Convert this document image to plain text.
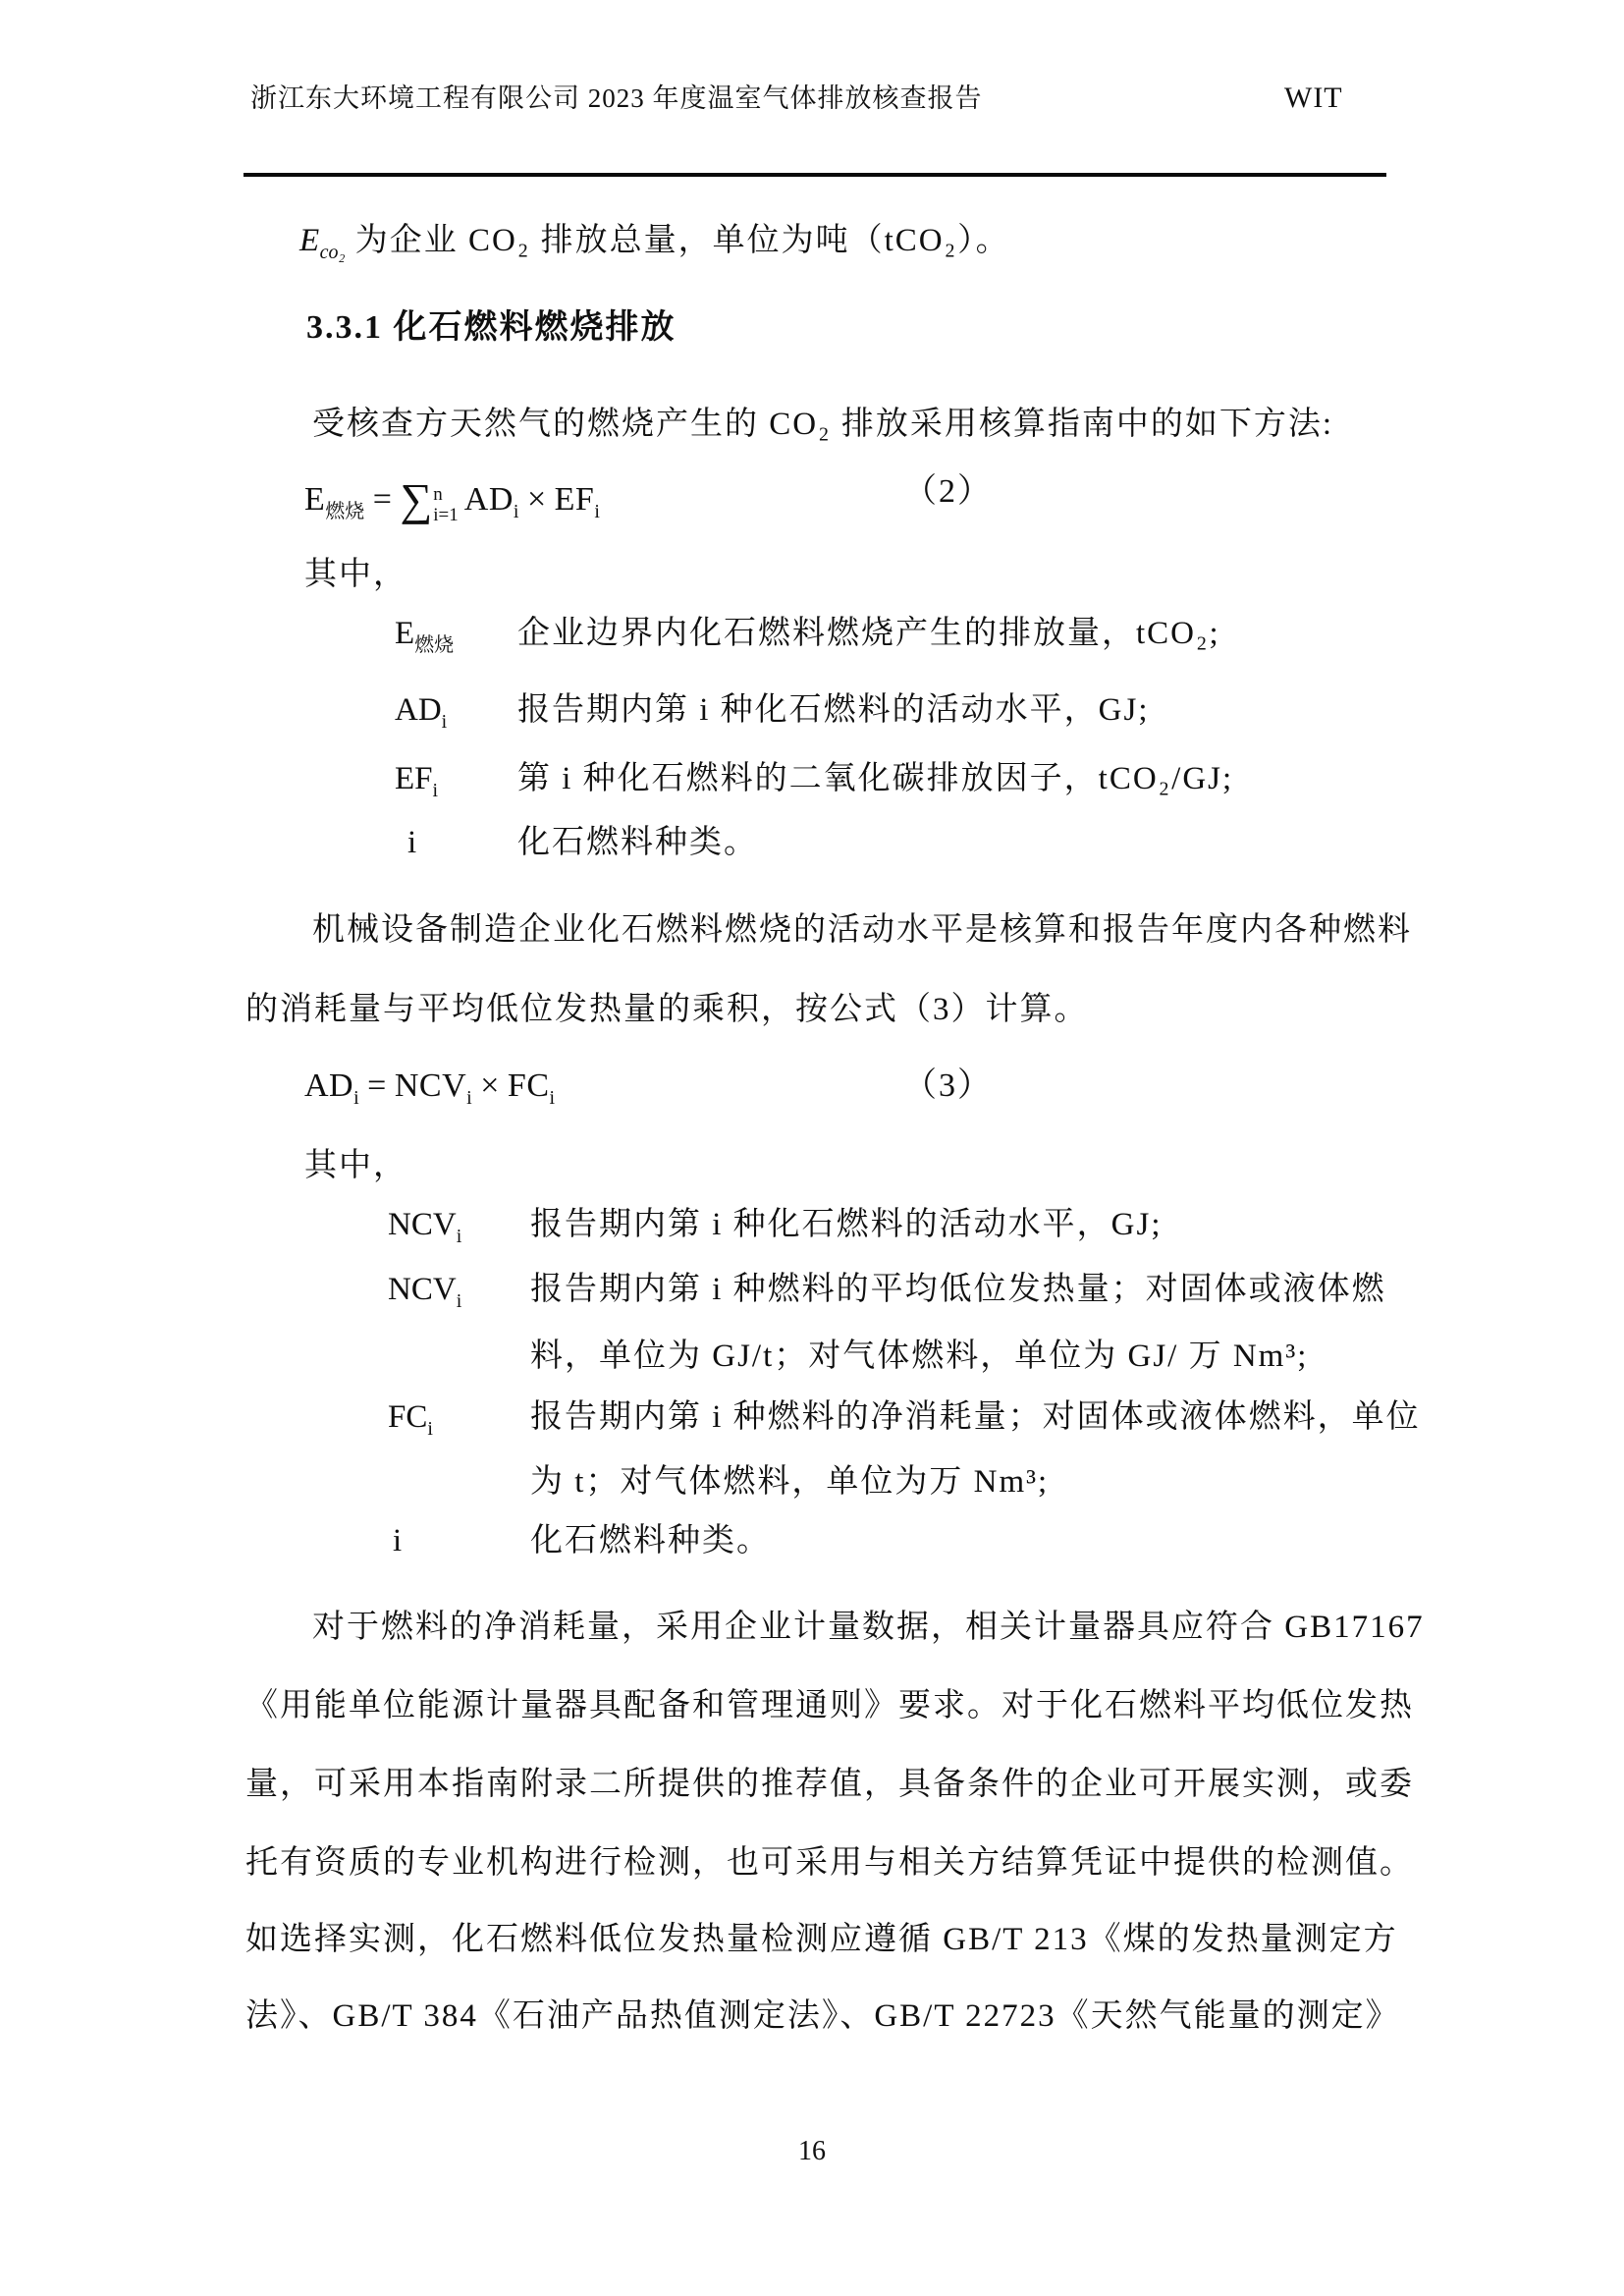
浙江东大环境工程有限公司 2023 年度温室气体排放核查报告	WIT
$E_{co_2}$ 为企业 CO₂ 排放总量，单位为吨（tCO₂）。
3.3.1 化石燃料燃烧排放
受核查方天然气的燃烧产生的 CO₂ 排放采用核算指南中的如下方法:
$E_{燃烧}$ = ∑ n
i=1 $AD_i \times EF_i$
（2）
其中，
$E_{燃烧}$ 企业边界内化石燃料燃烧产生的排放量，tCO₂;
$AD_i$ 报告期内第 i 种化石燃料的活动水平，GJ;
$EF_i$ 第 i 种化石燃料的二氧化碳排放因子，tCO₂/GJ;
i	化石燃料种类。
机械设备制造企业化石燃料燃烧的活动水平是核算和报告年度内各种燃料
的消耗量与平均低位发热量的乘积，按公式（3）计算。
$AD_i = NCV_i \times FC_i$	（3）
其中，
$NCV_i$ 报告期内第 i 种化石燃料的活动水平，GJ;
$NCV_i$ 报告期内第 i 种燃料的平均低位发热量；对固体或液体燃
料，单位为 GJ/t；对气体燃料，单位为 GJ/ 万 Nm³;
$FC_i$	报告期内第 i 种燃料的净消耗量；对固体或液体燃料，单位
为 t；对气体燃料，单位为万 Nm³;
i	化石燃料种类。
对于燃料的净消耗量，采用企业计量数据，相关计量器具应符合 GB17167
《用能单位能源计量器具配备和管理通则》要求。对于化石燃料平均低位发热
量，可采用本指南附录二所提供的推荐值，具备条件的企业可开展实测，或委
托有资质的专业机构进行检测，也可采用与相关方结算凭证中提供的检测值。
如选择实测，化石燃料低位发热量检测应遵循 GB/T 213《煤的发热量测定方
法》、GB/T 384《石油产品热值测定法》、GB/T 22723《天然气能量的测定》
16
